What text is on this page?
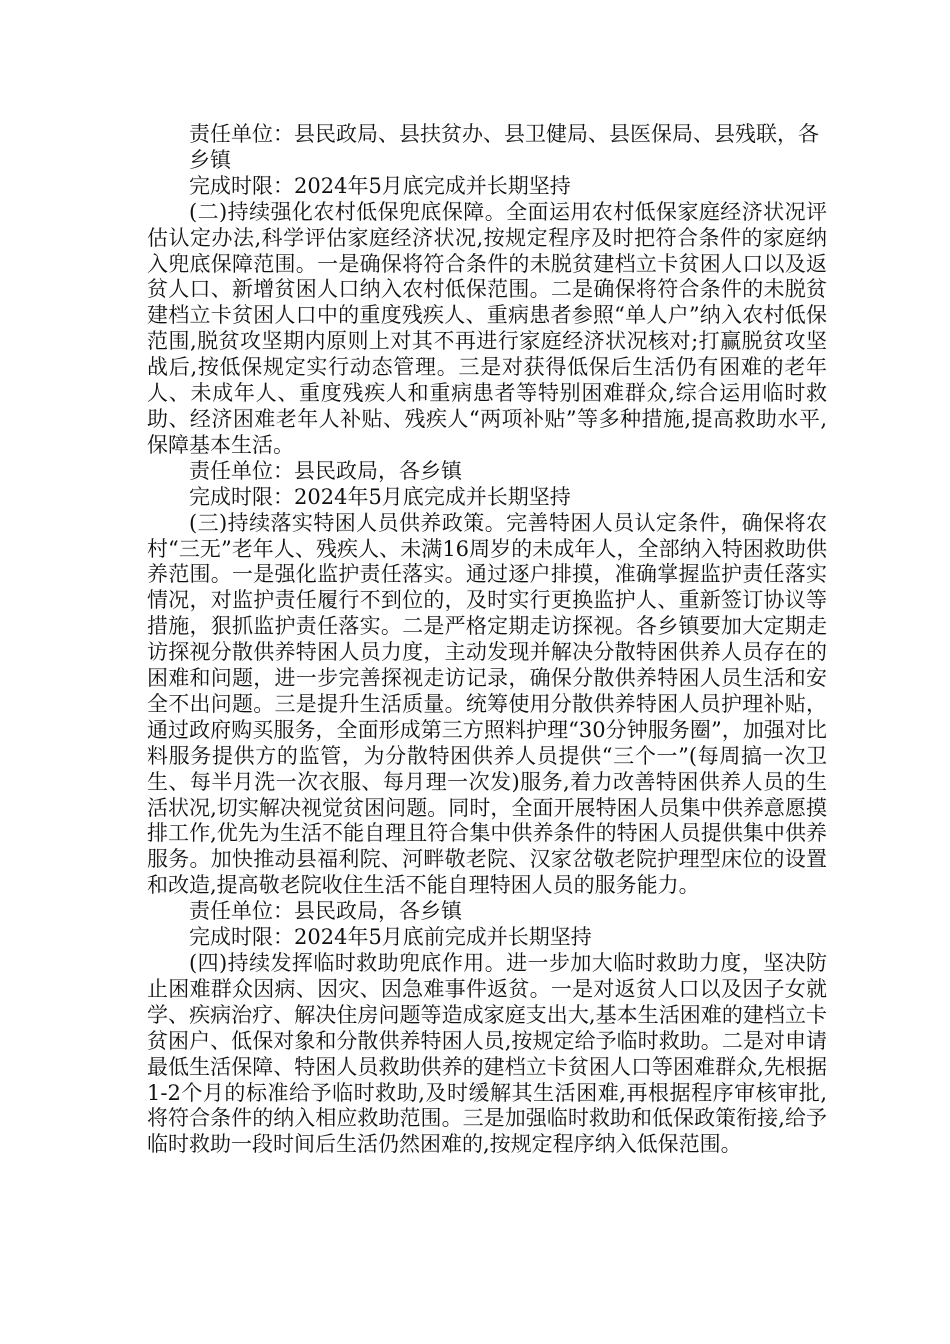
责任单位：县民政局、县扶贫办、县卫健局、县医保局、县残联，各乡镇

完成时限：2024年5月底完成并长期坚持

(二)持续强化农村低保兜底保障。全面运用农村低保家庭经济状况评估认定办法,科学评估家庭经济状况,按规定程序及时把符合条件的家庭纳入兜底保障范围。一是确保将符合条件的未脱贫建档立卡贫困人口以及返贫人口、新增贫困人口纳入农村低保范围。二是确保将符合条件的未脱贫建档立卡贫困人口中的重度残疾人、重病患者参照“单人户”纳入农村低保范围,脱贫攻坚期内原则上对其不再进行家庭经济状况核对;打赢脱贫攻坚战后,按低保规定实行动态管理。三是对获得低保后生活仍有困难的老年人、未成年人、重度残疾人和重病患者等特别困难群众,综合运用临时救助、经济困难老年人补贴、残疾人“两项补贴”等多种措施,提高救助水平,保障基本生活。

责任单位：县民政局，各乡镇

完成时限：2024年5月底完成并长期坚持

(三)持续落实特困人员供养政策。完善特困人员认定条件，确保将农村“三无”老年人、残疾人、未满16周岁的未成年人，全部纳入特困救助供养范围。一是强化监护责任落实。通过逐户排摸，准确掌握监护责任落实情况，对监护责任履行不到位的，及时实行更换监护人、重新签订协议等措施，狠抓监护责任落实。二是严格定期走访探视。各乡镇要加大定期走访探视分散供养特困人员力度，主动发现并解决分散特困供养人员存在的困难和问题，进一步完善探视走访记录，确保分散供养特困人员生活和安全不出问题。三是提升生活质量。统筹使用分散供养特困人员护理补贴，通过政府购买服务，全面形成第三方照料护理“30分钟服务圈”，加强对比料服务提供方的监管，为分散特困供养人员提供“三个一”(每周搞一次卫生、每半月洗一次衣服、每月理一次发)服务,着力改善特困供养人员的生活状况,切实解决视觉贫困问题。同时，全面开展特困人员集中供养意愿摸排工作,优先为生活不能自理且符合集中供养条件的特困人员提供集中供养服务。加快推动县福利院、河畔敬老院、汉家岔敬老院护理型床位的设置和改造,提高敬老院收住生活不能自理特困人员的服务能力。

责任单位：县民政局，各乡镇

完成时限：2024年5月底前完成并长期坚持

(四)持续发挥临时救助兜底作用。进一步加大临时救助力度，坚决防止困难群众因病、因灾、因急难事件返贫。一是对返贫人口以及因子女就学、疾病治疗、解决住房问题等造成家庭支出大,基本生活困难的建档立卡贫困户、低保对象和分散供养特困人员,按规定给予临时救助。二是对申请最低生活保障、特困人员救助供养的建档立卡贫困人口等困难群众,先根据1-2个月的标准给予临时救助,及时缓解其生活困难,再根据程序审核审批,将符合条件的纳入相应救助范围。三是加强临时救助和低保政策衔接,给予临时救助一段时间后生活仍然困难的,按规定程序纳入低保范围。
